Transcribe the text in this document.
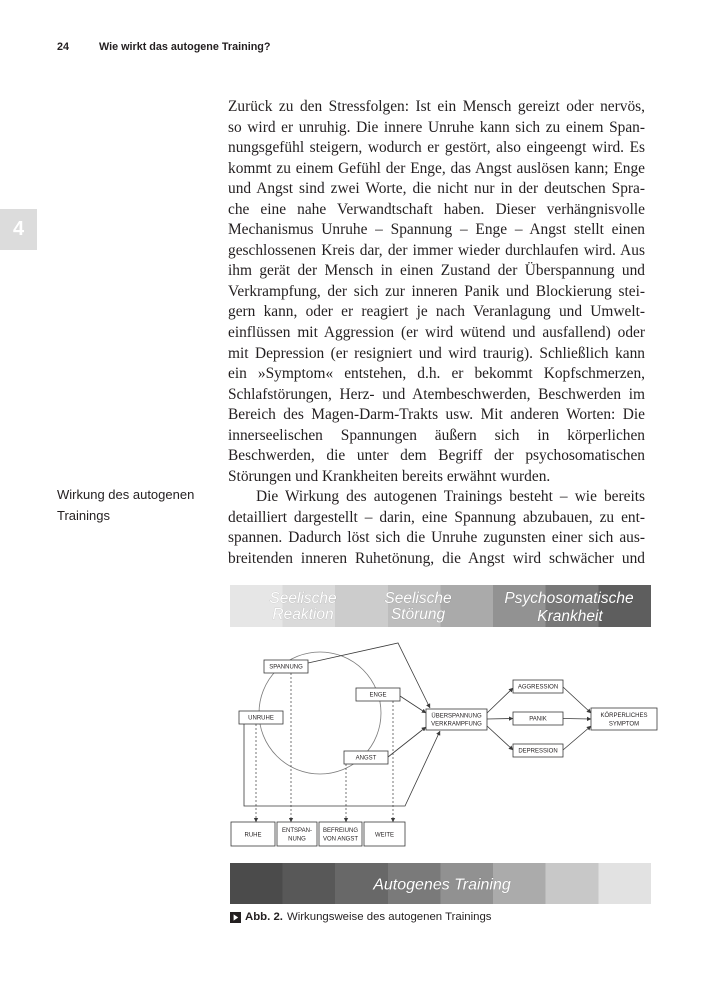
24	Wie wirkt das autogene Training?
4
Zurück zu den Stressfolgen: Ist ein Mensch gereizt oder nervös,
so wird er unruhig. Die innere Unruhe kann sich zu einem Span-
nungsgefühl steigern, wodurch er gestört, also eingeengt wird. Es
kommt zu einem Gefühl der Enge, das Angst auslösen kann; Enge
und Angst sind zwei Worte, die nicht nur in der deutschen Spra-
che eine nahe Verwandtschaft haben. Dieser verhängnisvolle
Mechanismus Unruhe – Spannung – Enge – Angst stellt einen
geschlossenen Kreis dar, der immer wieder durchlaufen wird. Aus
ihm gerät der Mensch in einen Zustand der Überspannung und
Verkrampfung, der sich zur inneren Panik und Blockierung stei-
gern kann, oder er reagiert je nach Veranlagung und Umwelt-
einflüssen mit Aggression (er wird wütend und ausfallend) oder
mit Depression (er resigniert und wird traurig). Schließlich kann
ein »Symptom« entstehen, d.h. er bekommt Kopfschmerzen,
Schlafstörungen, Herz- und Atembeschwerden, Beschwerden im
Bereich des Magen-Darm-Trakts usw. Mit anderen Worten: Die
innerseelischen Spannungen äußern sich in körperlichen
Beschwerden, die unter dem Begriff der psychosomatischen
Störungen und Krankheiten bereits erwähnt wurden.
Die Wirkung des autogenen Trainings besteht – wie bereits
detailliert dargestellt – darin, eine Spannung abzubauen, zu ent-
spannen. Dadurch löst sich die Unruhe zugunsten einer sich aus-
breitenden inneren Ruhetönung, die Angst wird schwächer und
Wirkung des autogenen
Trainings
Seelische
Reaktion
Seelische
Störung
Psychosomatische
Krankheit
SPANNUNG
UNRUHE
ENGE
ANGST
ÜBERSPANNUNG
VERKRAMPFUNG
AGGRESSION
PANIK
DEPRESSION
KÖRPERLICHES
SYMPTOM
RUHE
ENTSPAN-
NUNG
BEFREIUNG
VON ANGST
WEITE
Autogenes Training
Abb. 2. Wirkungsweise des autogenen Trainings
